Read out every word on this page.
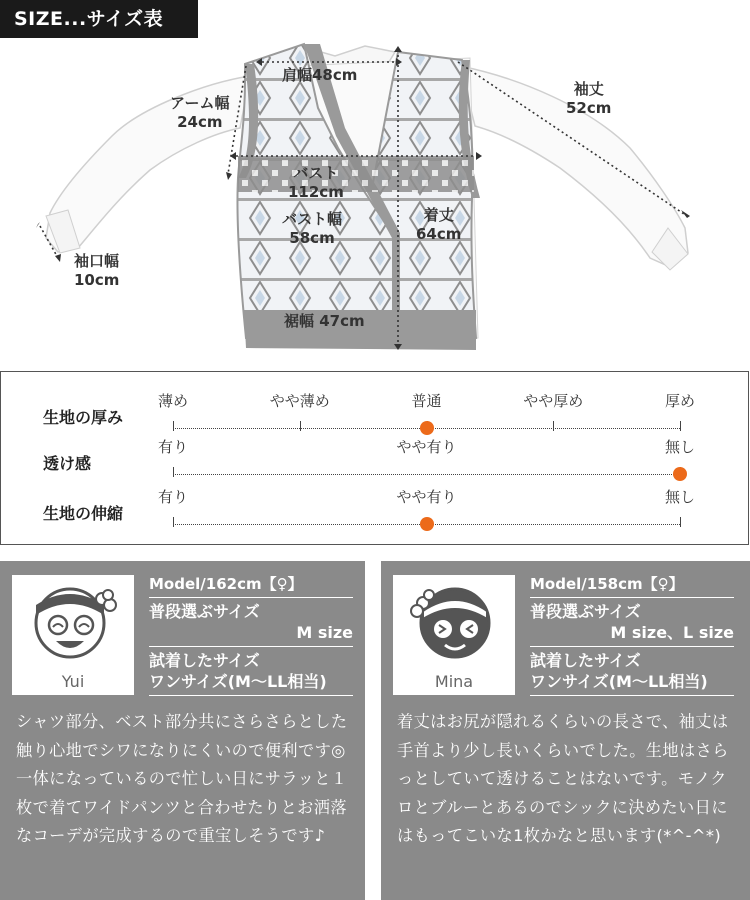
SIZE...サイズ表
肩幅48cm
アーム幅
24cm
袖丈
52cm
バスト
112cm
バスト幅
58cm
着丈
64cm
袖口幅
10cm
裾幅 47cm
生地の厚み
薄め	やや薄め	普通	やや厚め	厚め
透け感
有り	やや有り	無し
生地の伸縮
有り	やや有り	無し
Yui
Model/162cm【♀】
普段選ぶサイズ
M size
試着したサイズ
ワンサイズ(M〜LL相当)
シャツ部分、ベスト部分共にさらさらとした触り心地でシワになりにくいので便利です◎一体になっているので忙しい日にサラッと１枚で着てワイドパンツと合わせたりとお洒落なコーデが完成するので重宝しそうです♪
Mina
Model/158cm【♀】
普段選ぶサイズ
M size、L size
試着したサイズ
ワンサイズ(M〜LL相当)
着丈はお尻が隠れるくらいの長さで、袖丈は手首より少し長いくらいでした。生地はさらっとしていて透けることはないです。モノクロとブルーとあるのでシックに決めたい日にはもってこいな1枚かなと思います(*^-^*)
